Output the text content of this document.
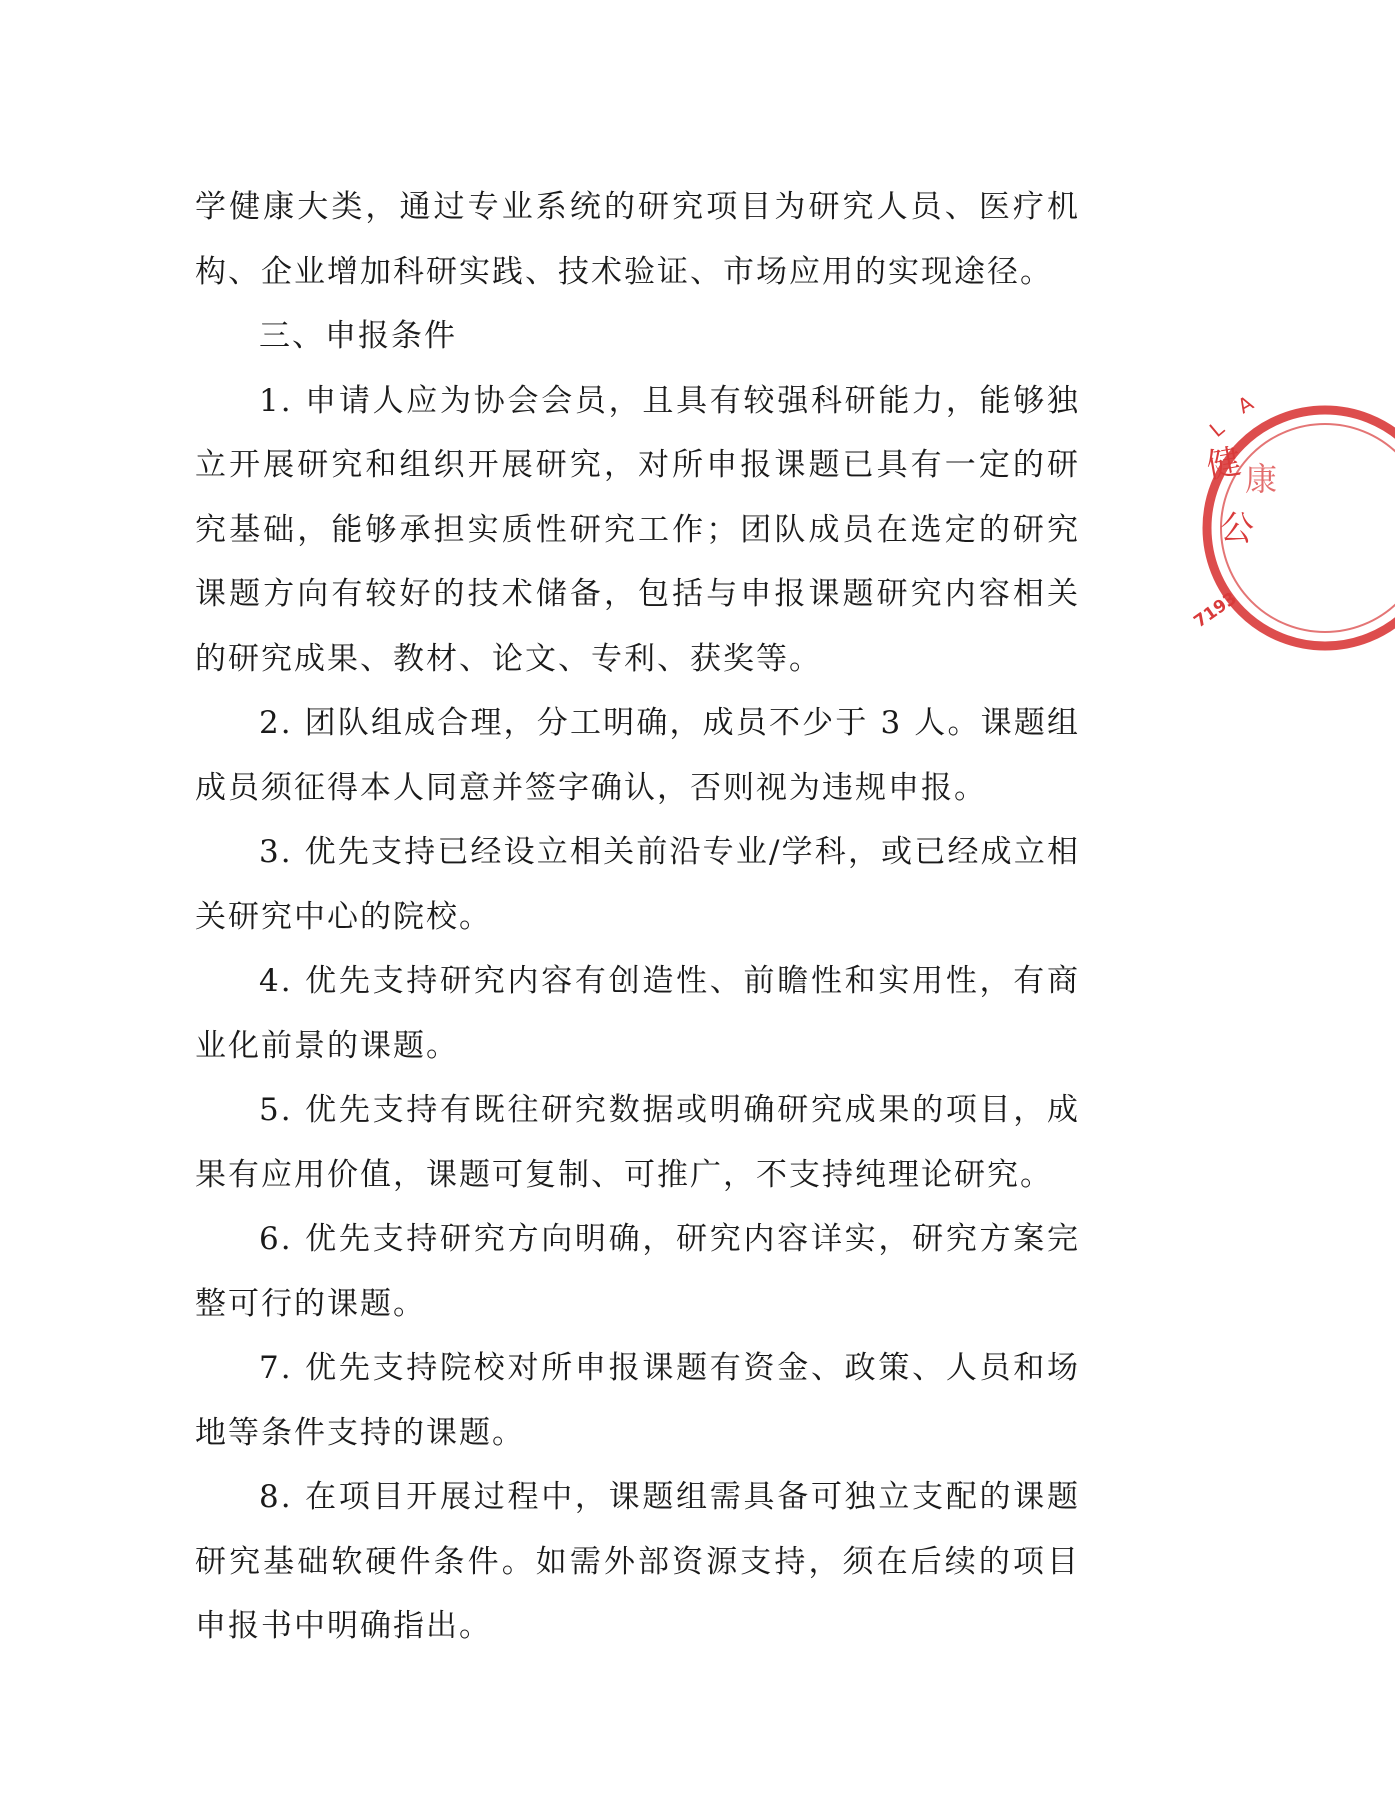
学健康大类，通过专业系统的研究项目为研究人员、医疗机构、企业增加科研实践、技术验证、市场应用的实现途径。

三、申报条件

1. 申请人应为协会会员，且具有较强科研能力，能够独立开展研究和组织开展研究，对所申报课题已具有一定的研究基础，能够承担实质性研究工作；团队成员在选定的研究课题方向有较好的技术储备，包括与申报课题研究内容相关的研究成果、教材、论文、专利、获奖等。

2. 团队组成合理，分工明确，成员不少于 3 人。课题组成员须征得本人同意并签字确认，否则视为违规申报。

3. 优先支持已经设立相关前沿专业/学科，或已经成立相关研究中心的院校。

4. 优先支持研究内容有创造性、前瞻性和实用性，有商业化前景的课题。

5. 优先支持有既往研究数据或明确研究成果的项目，成果有应用价值，课题可复制、可推广，不支持纯理论研究。

6. 优先支持研究方向明确，研究内容详实，研究方案完整可行的课题。

7. 优先支持院校对所申报课题有资金、政策、人员和场地等条件支持的课题。

8. 在项目开展过程中，课题组需具备可独立支配的课题研究基础软硬件条件。如需外部资源支持，须在后续的项目申报书中明确指出。

L
A
健 康
公
7193
